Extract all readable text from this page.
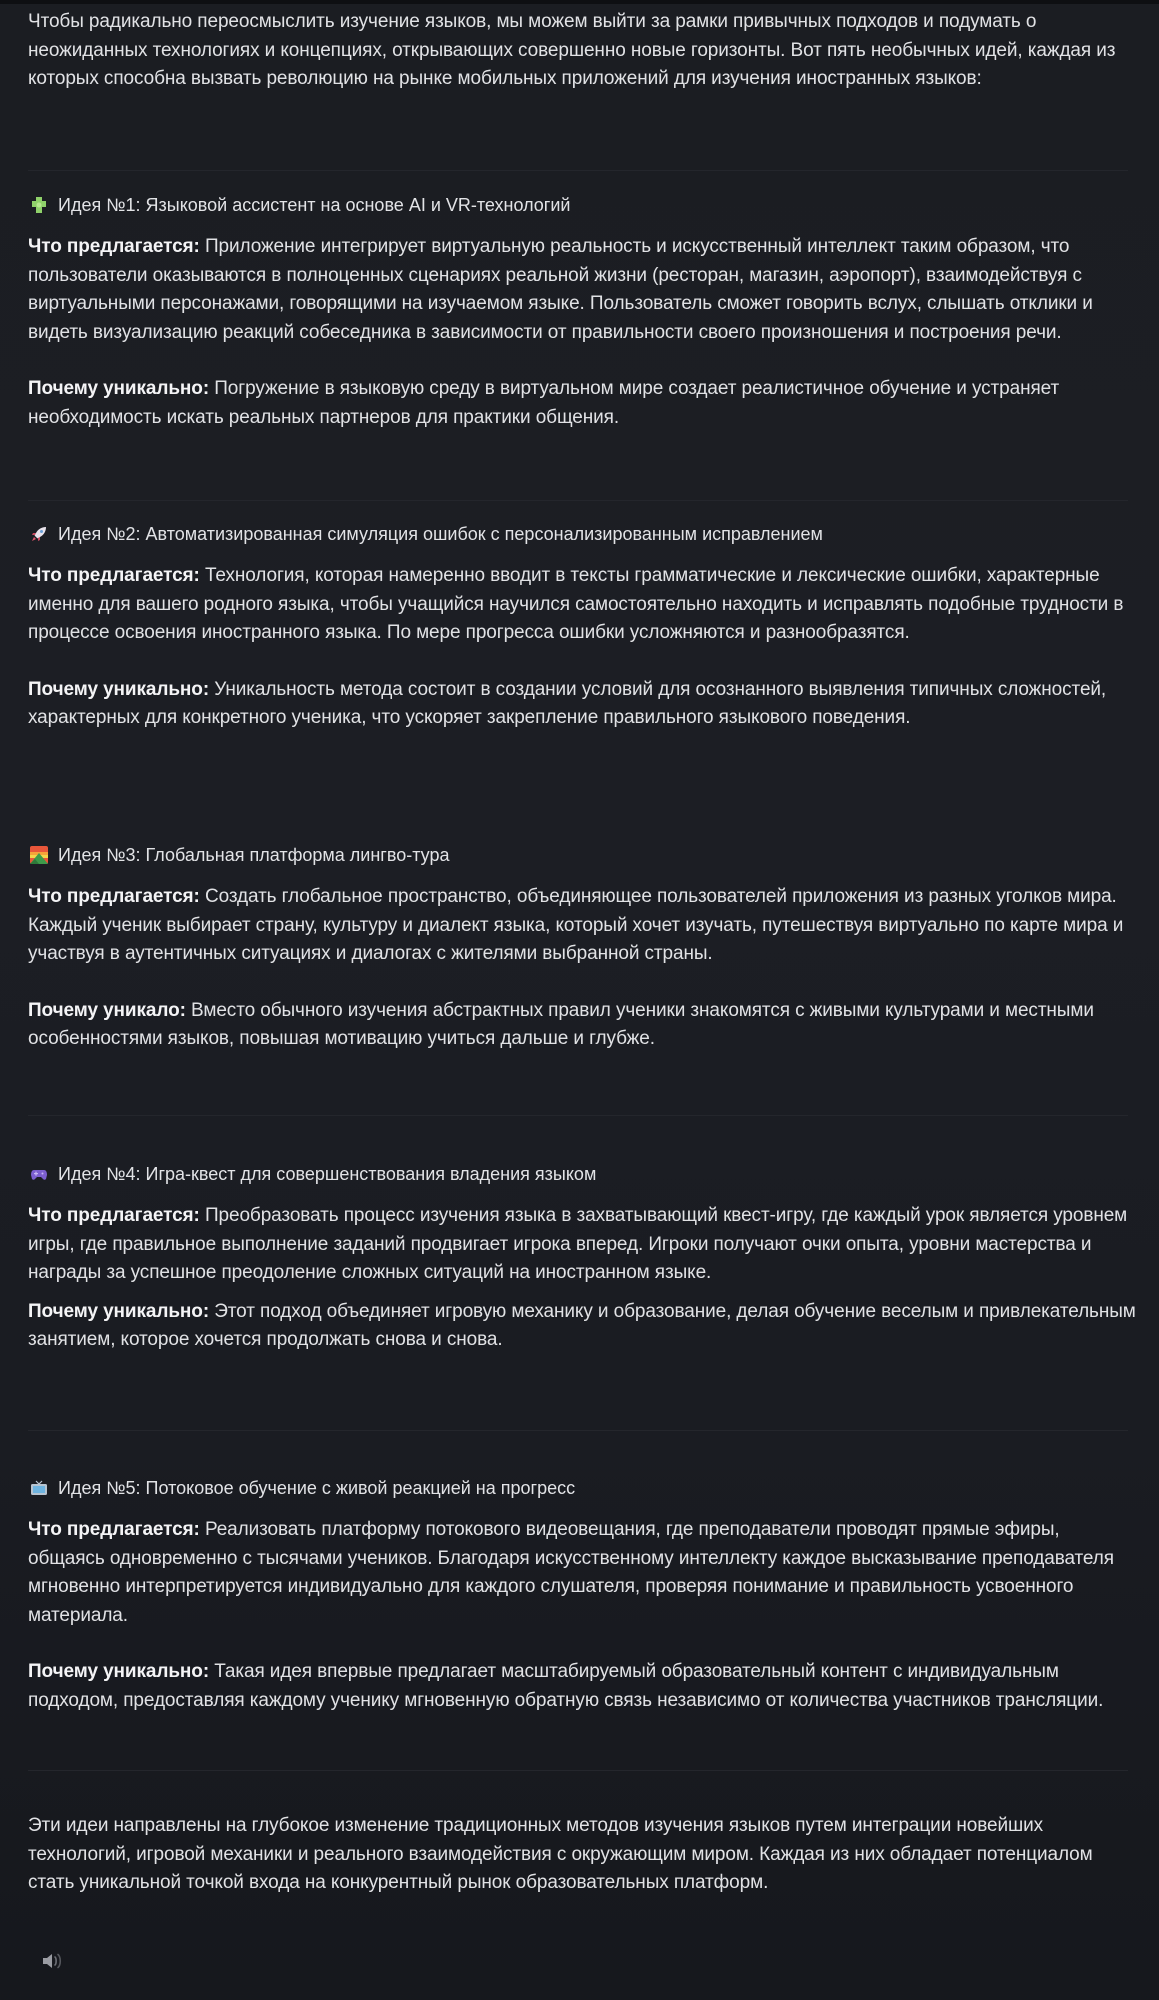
Чтобы радикально переосмыслить изучение языков, мы можем выйти за рамки привычных подходов и подумать о неожиданных технологиях и концепциях, открывающих совершенно новые горизонты. Вот пять необычных идей, каждая из которых способна вызвать революцию на рынке мобильных приложений для изучения иностранных языков:

Идея №1: Языковой ассистент на основе AI и VR-технологий

Что предлагается: Приложение интегрирует виртуальную реальность и искусственный интеллект таким образом, что пользователи оказываются в полноценных сценариях реальной жизни (ресторан, магазин, аэропорт), взаимодействуя с виртуальными персонажами, говорящими на изучаемом языке. Пользователь сможет говорить вслух, слышать отклики и видеть визуализацию реакций собеседника в зависимости от правильности своего произношения и построения речи.

Почему уникально: Погружение в языковую среду в виртуальном мире создает реалистичное обучение и устраняет необходимость искать реальных партнеров для практики общения.

Идея №2: Автоматизированная симуляция ошибок с персонализированным исправлением

Что предлагается: Технология, которая намеренно вводит в тексты грамматические и лексические ошибки, характерные именно для вашего родного языка, чтобы учащийся научился самостоятельно находить и исправлять подобные трудности в процессе освоения иностранного языка. По мере прогресса ошибки усложняются и разнообразятся.

Почему уникально: Уникальность метода состоит в создании условий для осознанного выявления типичных сложностей, характерных для конкретного ученика, что ускоряет закрепление правильного языкового поведения.

Идея №3: Глобальная платформа лингво-тура

Что предлагается: Создать глобальное пространство, объединяющее пользователей приложения из разных уголков мира. Каждый ученик выбирает страну, культуру и диалект языка, который хочет изучать, путешествуя виртуально по карте мира и участвуя в аутентичных ситуациях и диалогах с жителями выбранной страны.

Почему уникало: Вместо обычного изучения абстрактных правил ученики знакомятся с живыми культурами и местными особенностями языков, повышая мотивацию учиться дальше и глубже.

Идея №4: Игра-квест для совершенствования владения языком

Что предлагается: Преобразовать процесс изучения языка в захватывающий квест-игру, где каждый урок является уровнем игры, где правильное выполнение заданий продвигает игрока вперед. Игроки получают очки опыта, уровни мастерства и награды за успешное преодоление сложных ситуаций на иностранном языке.

Почему уникально: Этот подход объединяет игровую механику и образование, делая обучение веселым и привлекательным занятием, которое хочется продолжать снова и снова.

Идея №5: Потоковое обучение с живой реакцией на прогресс

Что предлагается: Реализовать платформу потокового видеовещания, где преподаватели проводят прямые эфиры, общаясь одновременно с тысячами учеников. Благодаря искусственному интеллекту каждое высказывание преподавателя мгновенно интерпретируется индивидуально для каждого слушателя, проверяя понимание и правильность усвоенного материала.

Почему уникально: Такая идея впервые предлагает масштабируемый образовательный контент с индивидуальным подходом, предоставляя каждому ученику мгновенную обратную связь независимо от количества участников трансляции.

Эти идеи направлены на глубокое изменение традиционных методов изучения языков путем интеграции новейших технологий, игровой механики и реального взаимодействия с окружающим миром. Каждая из них обладает потенциалом стать уникальной точкой входа на конкурентный рынок образовательных платформ.
